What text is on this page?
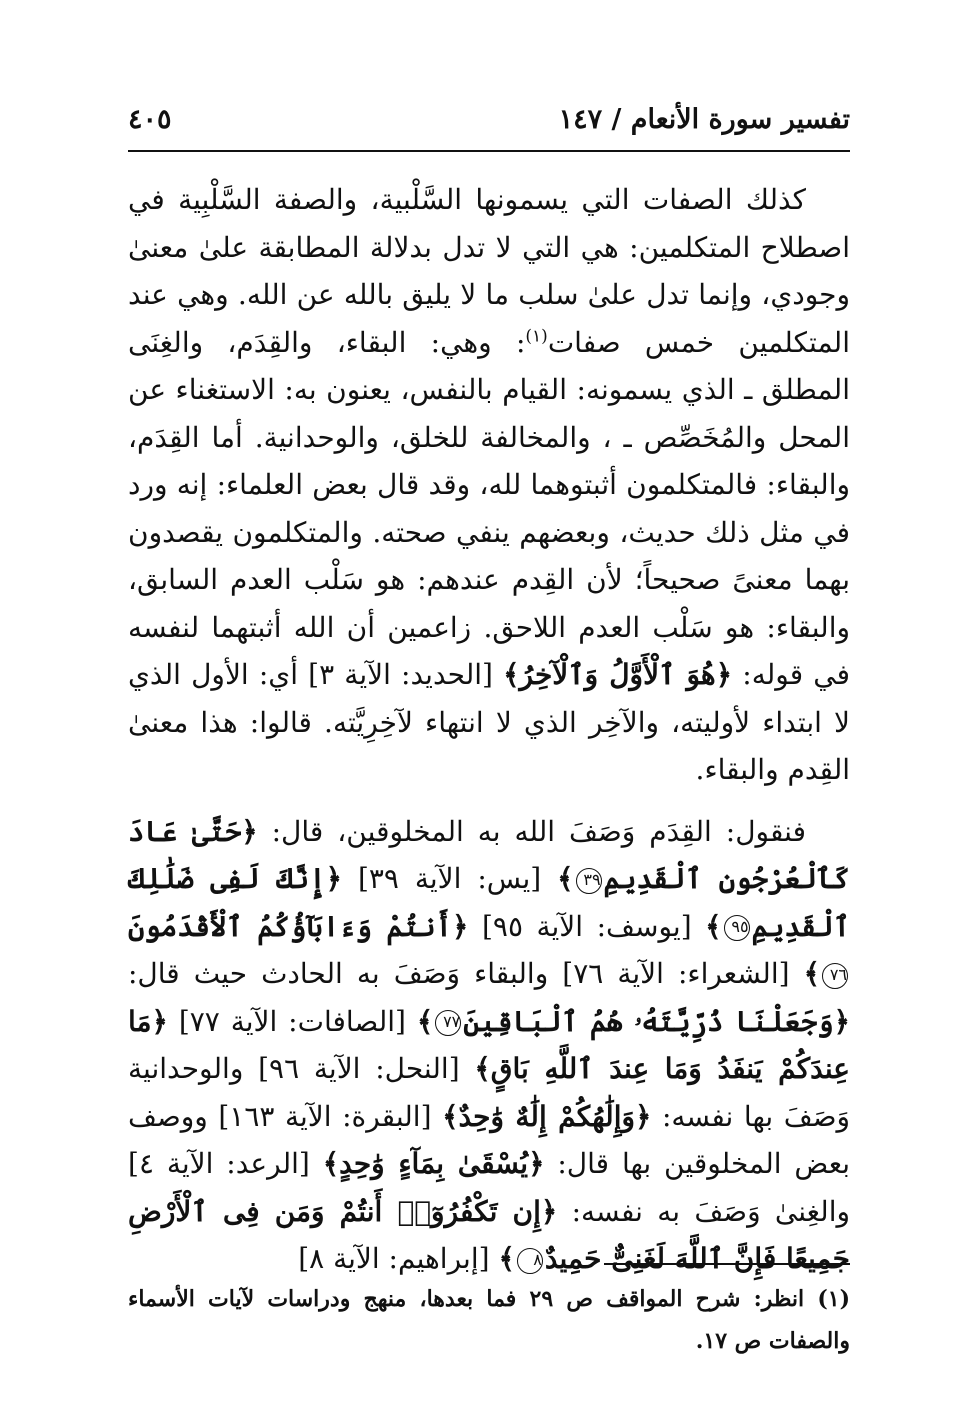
تفسير سورة الأنعام / ١٤٧
٤٠٥

كذلك الصفات التي يسمونها السَّلْبية، والصفة السَّلْبِية في اصطلاح المتكلمين: هي التي لا تدل بدلالة المطابقة علىٰ معنىٰ وجودي، وإنما تدل علىٰ سلب ما لا يليق بالله عن الله. وهي عند المتكلمين خمس صفات$^{(١)}$: وهي: البقاء، والقِدَم، والغِنَى المطلق ـ الذي يسمونه: القيام بالنفس، يعنون به: الاستغناء عن المحل والمُخَصِّص ـ ، والمخالفة للخلق، والوحدانية. أما القِدَم، والبقاء: فالمتكلمون أثبتوهما لله، وقد قال بعض العلماء: إنه ورد في مثل ذلك حديث، وبعضهم ينفي صحته. والمتكلمون يقصدون بهما معنىً صحيحاً؛ لأن القِدم عندهم: هو سَلْب العدم السابق، والبقاء: هو سَلْب العدم اللاحق. زاعمين أن الله أثبتهما لنفسه في قوله: ﴿هُوَ ٱلْأَوَّلُ وَٱلْآخِرُ﴾ [الحديد: الآية ٣] أي: الأول الذي لا ابتداء لأوليته، والآخِر الذي لا انتهاء لآخِرِيَّته. قالوا: هذا معنىٰ القِدم والبقاء.

فنقول: القِدَم وَصَفَ الله به المخلوقين، قال: ﴿حَتَّىٰ عَادَ كَٱلْعُرْجُونِ ٱلْقَدِيمِ٣٩﴾ [يس: الآية ٣٩] ﴿إِنَّكَ لَفِى ضَلَٰلِكَ ٱلْقَدِيمِ٩٥﴾ [يوسف: الآية ٩٥] ﴿أَنتُمْ وَءَابَآؤُكُمُ ٱلْأَقْدَمُونَ٧٦﴾ [الشعراء: الآية ٧٦] والبقاء وَصَفَ به الحادث حيث قال: ﴿وَجَعَلْنَا ذُرِّيَّتَهُۥ هُمُ ٱلْبَاقِينَ٧٧﴾ [الصافات: الآية ٧٧] ﴿مَا عِندَكُمْ يَنفَدُ وَمَا عِندَ ٱللَّهِ بَاقٍ﴾ [النحل: الآية ٩٦] والوحدانية وَصَفَ بها نفسه: ﴿وَإِلَٰهُكُمْ إِلَٰهٌ وَٰحِدٌ﴾ [البقرة: الآية ١٦٣] ووصف بعض المخلوقين بها قال: ﴿يُسْقَىٰ بِمَآءٍ وَٰحِدٍ﴾ [الرعد: الآية ٤] والغِنىٰ وَصَفَ به نفسه: ﴿إِن تَكْفُرُوٓا۟ أَنتُمْ وَمَن فِى ٱلْأَرْضِ جَمِيعًا فَإِنَّ ٱللَّهَ لَغَنِىٌّ حَمِيدٌ٨﴾ [إبراهيم: الآية ٨]

(١) انظر: شرح المواقف ص ٢٩ فما بعدها، منهج ودراسات لآيات الأسماء والصفات ص ١٧.
